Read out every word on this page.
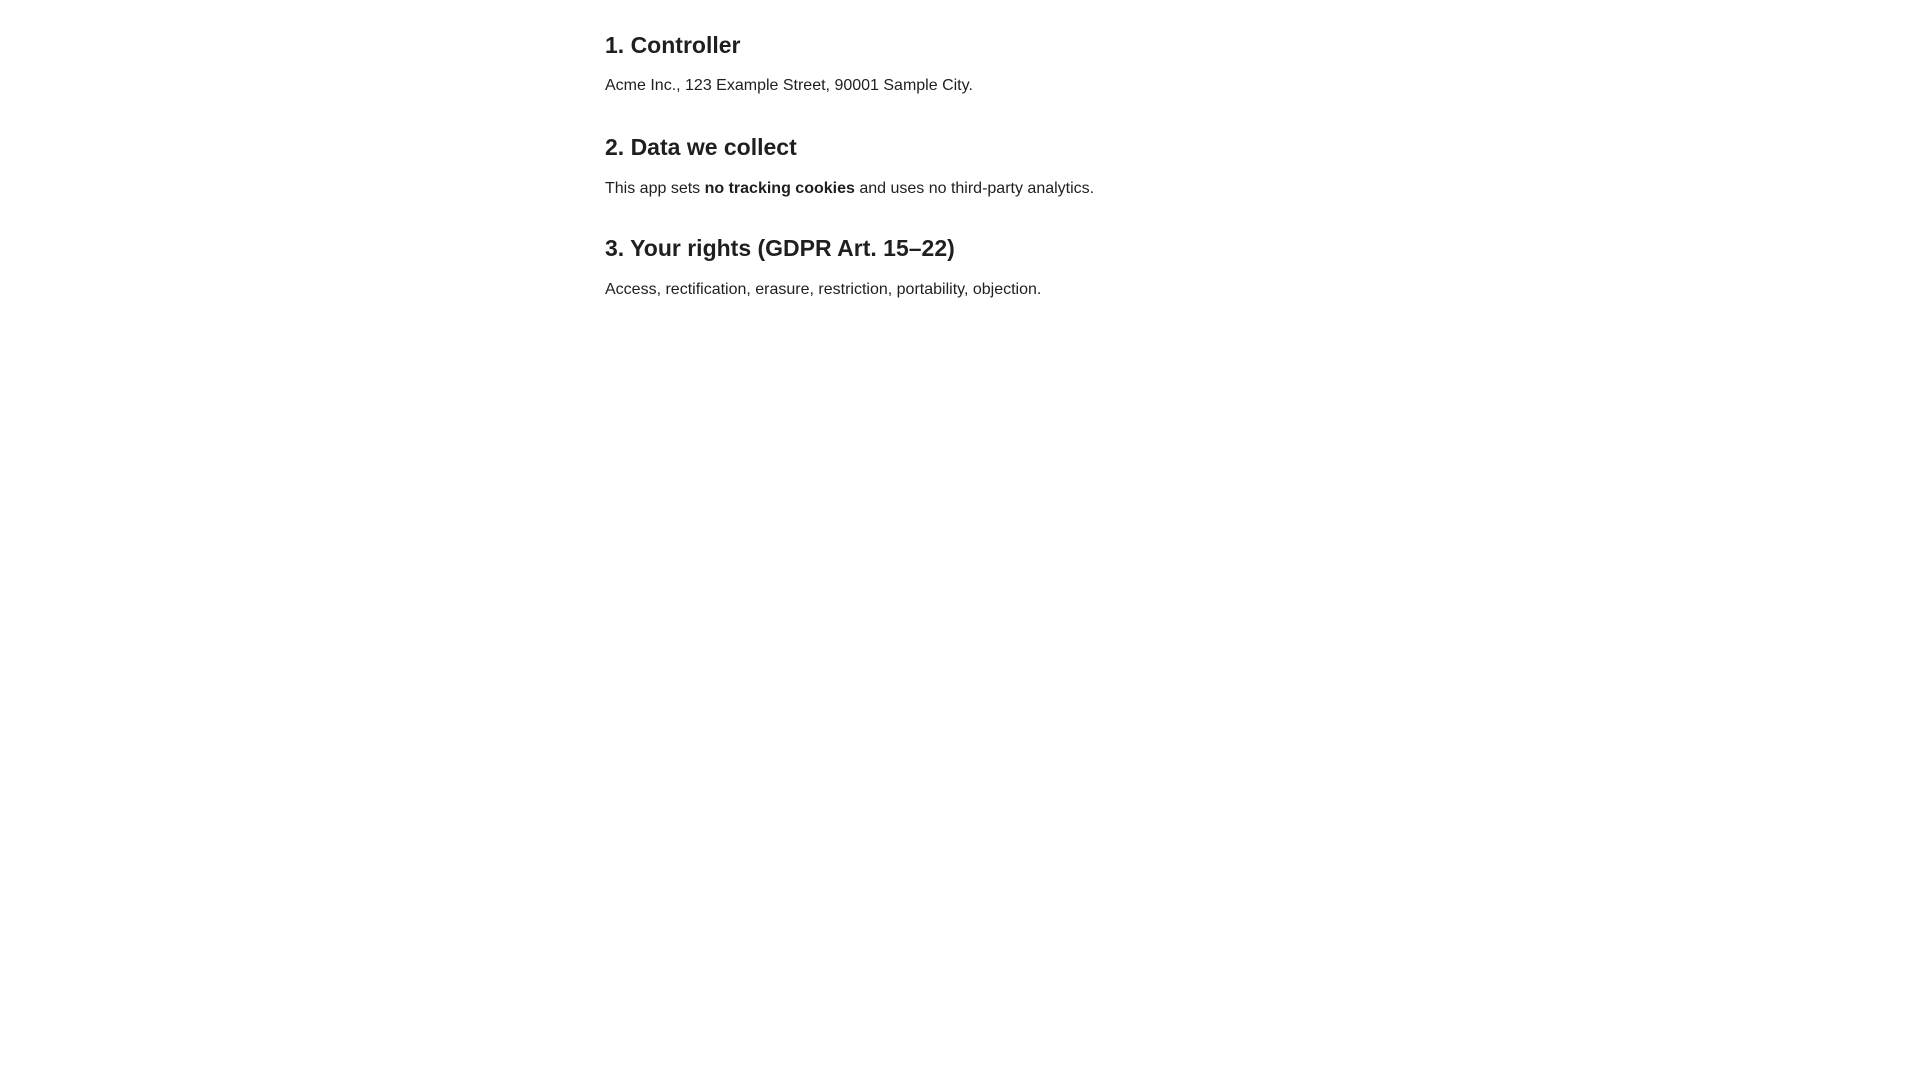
1. Controller

Acme Inc., 123 Example Street, 90001 Sample City.

2. Data we collect

This app sets no tracking cookies and uses no third-party analytics.

3. Your rights (GDPR Art. 15–22)

Access, rectification, erasure, restriction, portability, objection.
